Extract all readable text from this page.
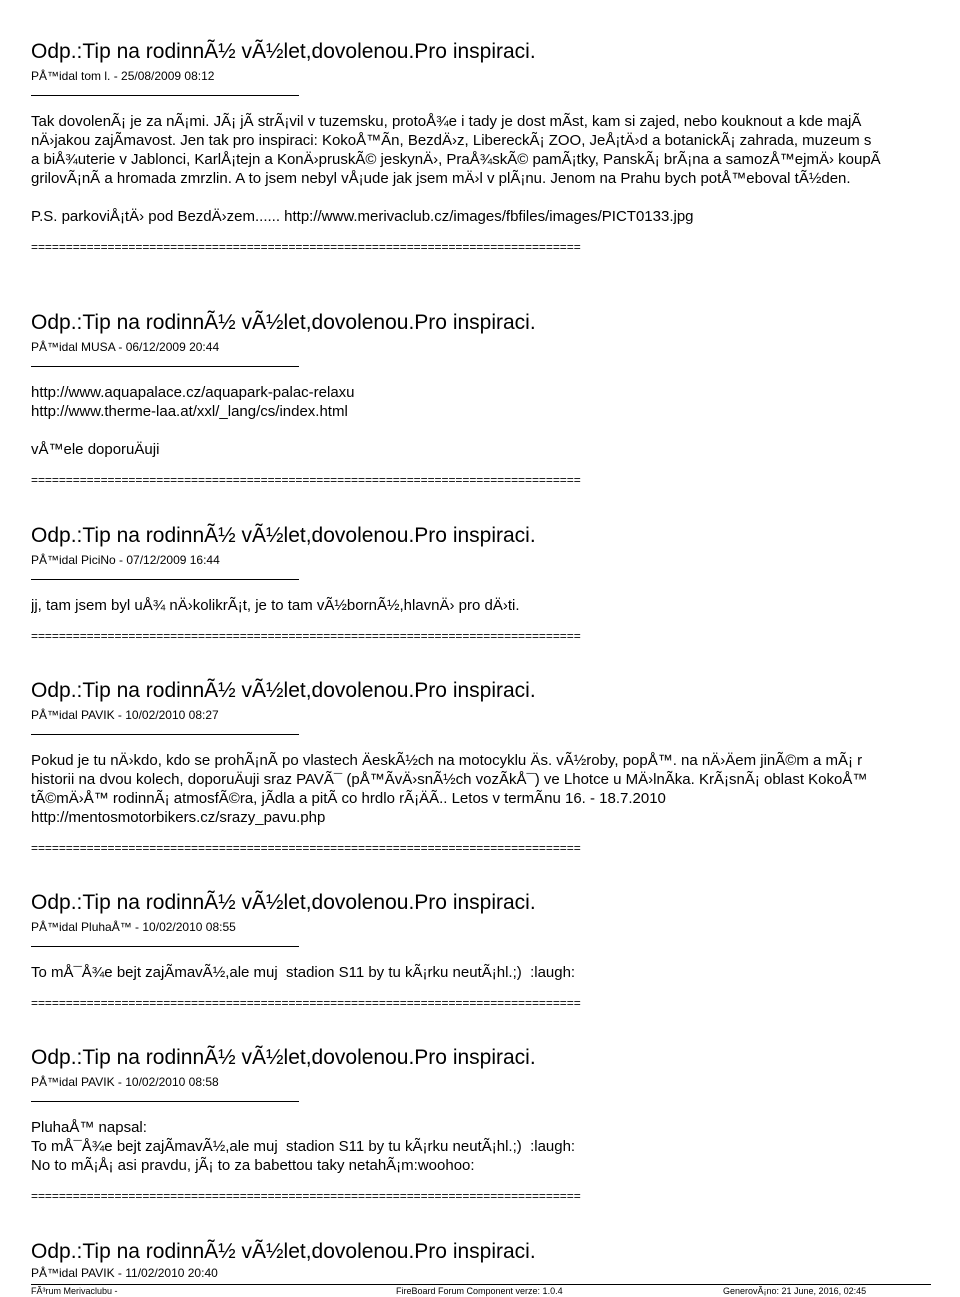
Odp.:Tip na rodinnÃ½ vÃ½let,dovolenou.Pro inspiraci.
PÅ™idal tom l. - 25/08/2009 08:12
Tak dovolenÃ¡ je za nÃ¡mi. JÃ¡ jÃ strÃ¡vil v tuzemsku, protoÅ¾e i tady je dost mÃst, kam si zajed, nebo kouknout a kde majÃ
nÄ›jakou zajÃmavost. Jen tak pro inspiraci: KokoÅ™Ãn, BezdÄ›z, LibereckÃ¡ ZOO, JeÅ¡tÄ›d a botanickÃ¡ zahrada, muzeum s
a biÅ¾uterie v Jablonci, KarlÅ¡tejn a KonÄ›pruskÃ© jeskynÄ›, PraÅ¾skÃ© pamÃ¡tky, PanskÃ¡ brÃ¡na a samozÅ™ejmÄ› koupÃ
grilovÃ¡nÃ a hromada zmrzlin. A to jsem nebyl vÅ¡ude jak jsem mÄ›l v plÃ¡nu. Jenom na Prahu bych potÅ™eboval tÃ½den.
P.S. parkoviÅ¡tÄ› pod BezdÄ›zem...... http://www.merivaclub.cz/images/fbfiles/images/PICT0133.jpg
===============================================================================
Odp.:Tip na rodinnÃ½ vÃ½let,dovolenou.Pro inspiraci.
PÅ™idal MUSA - 06/12/2009 20:44
http://www.aquapalace.cz/aquapark-palac-relaxu
http://www.therme-laa.at/xxl/_lang/cs/index.html
vÅ™ele doporuÄuji
===============================================================================
Odp.:Tip na rodinnÃ½ vÃ½let,dovolenou.Pro inspiraci.
PÅ™idal PiciNo - 07/12/2009 16:44
jj, tam jsem byl uÅ¾ nÄ›kolikrÃ¡t, je to tam vÃ½bornÃ½,hlavnÄ› pro dÄ›ti.
===============================================================================
Odp.:Tip na rodinnÃ½ vÃ½let,dovolenou.Pro inspiraci.
PÅ™idal PAVIK - 10/02/2010 08:27
Pokud je tu nÄ›kdo, kdo se prohÃ¡nÃ po vlastech ÄeskÃ½ch na motocyklu Äs. vÃ½roby, popÅ™. na nÄ›Äem jinÃ©m a mÃ¡ r
historii na dvou kolech, doporuÄuji sraz PAVÃ¯ (pÅ™ÃvÄ›snÃ½ch vozÃkÅ¯) ve Lhotce u MÄ›lnÃka. KrÃ¡snÃ¡ oblast KokoÅ™
tÃ©mÄ›Å™ rodinnÃ¡ atmosfÃ©ra, jÃdla a pitÃ co hrdlo rÃ¡ÄÃ.. Letos v termÃnu 16. - 18.7.2010
http://mentosmotorbikers.cz/srazy_pavu.php
===============================================================================
Odp.:Tip na rodinnÃ½ vÃ½let,dovolenou.Pro inspiraci.
PÅ™idal PluhaÅ™ - 10/02/2010 08:55
To mÅ¯Å¾e bejt zajÃmavÃ½,ale muj  stadion S11 by tu kÃ¡rku neutÃ¡hl.;)  :laugh:
===============================================================================
Odp.:Tip na rodinnÃ½ vÃ½let,dovolenou.Pro inspiraci.
PÅ™idal PAVIK - 10/02/2010 08:58
PluhaÅ™ napsal:
To mÅ¯Å¾e bejt zajÃmavÃ½,ale muj  stadion S11 by tu kÃ¡rku neutÃ¡hl.;)  :laugh:
No to mÃ¡Å¡ asi pravdu, jÃ¡ to za babettou taky netahÃ¡m:woohoo:
===============================================================================
Odp.:Tip na rodinnÃ½ vÃ½let,dovolenou.Pro inspiraci.
PÅ™idal PAVIK - 11/02/2010 20:40
FÃ³rum Merivaclubu -	FireBoard Forum Component verze: 1.0.4	GenerovÃ¡no: 21 June, 2016, 02:45
